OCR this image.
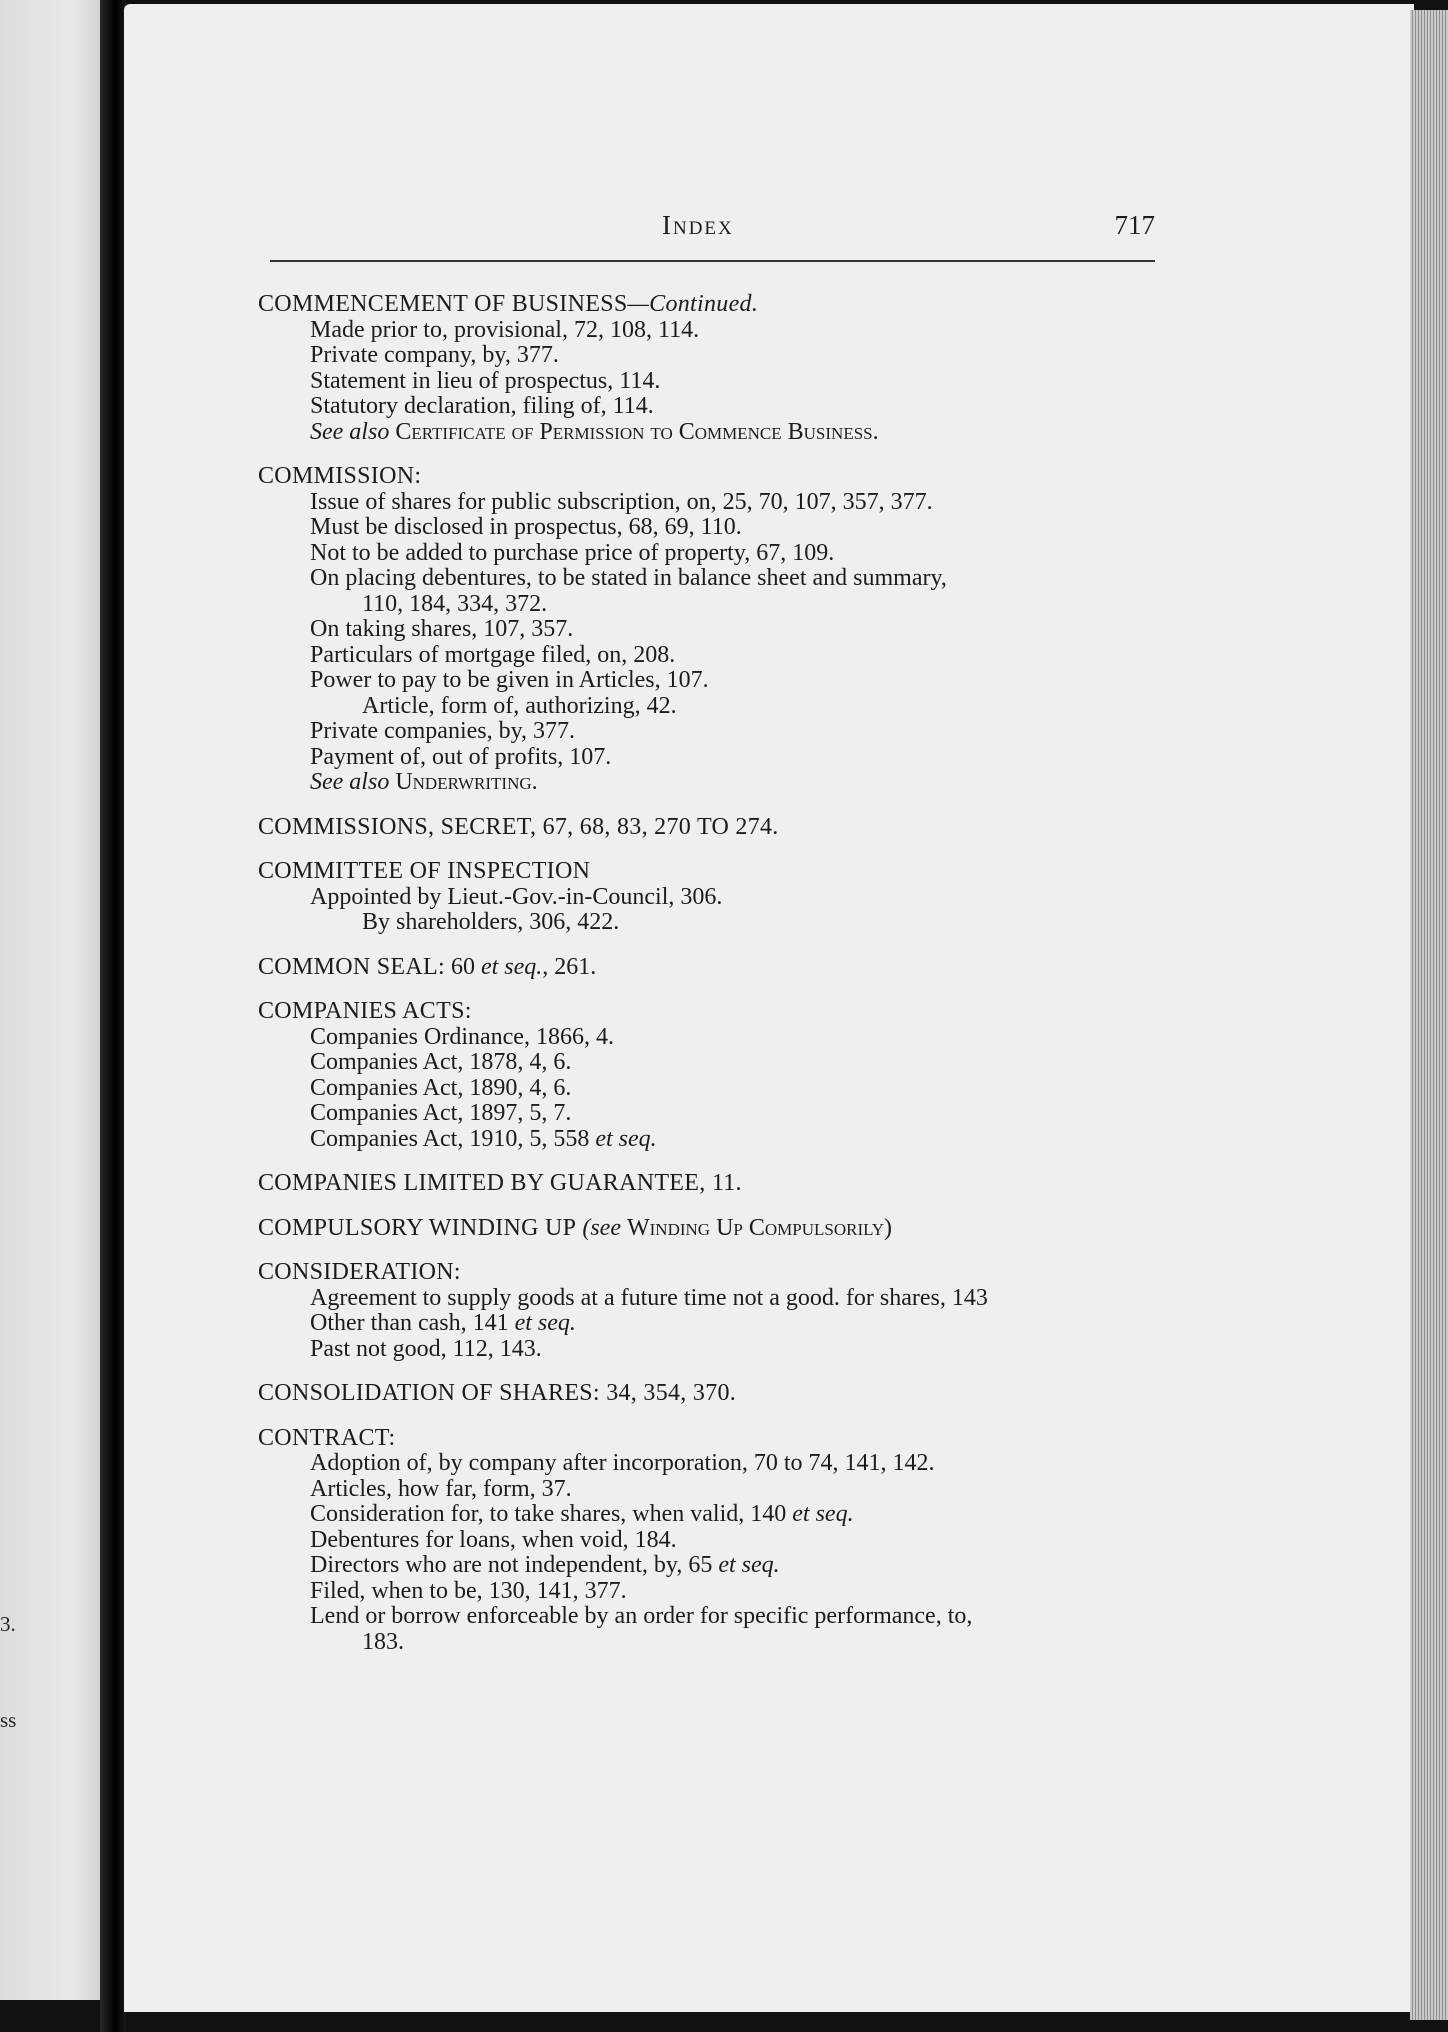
3.
ss
Index	717
COMMENCEMENT OF BUSINESS—Continued.
Made prior to, provisional, 72, 108, 114.
Private company, by, 377.
Statement in lieu of prospectus, 114.
Statutory declaration, filing of, 114.
See also Certificate of Permission to Commence Business.
COMMISSION:
Issue of shares for public subscription, on, 25, 70, 107, 357, 377.
Must be disclosed in prospectus, 68, 69, 110.
Not to be added to purchase price of property, 67, 109.
On placing debentures, to be stated in balance sheet and summary,
110, 184, 334, 372.
On taking shares, 107, 357.
Particulars of mortgage filed, on, 208.
Power to pay to be given in Articles, 107.
Article, form of, authorizing, 42.
Private companies, by, 377.
Payment of, out of profits, 107.
See also Underwriting.
COMMISSIONS, SECRET, 67, 68, 83, 270 TO 274.
COMMITTEE OF INSPECTION
Appointed by Lieut.-Gov.-in-Council, 306.
By shareholders, 306, 422.
COMMON SEAL: 60 et seq., 261.
COMPANIES ACTS:
Companies Ordinance, 1866, 4.
Companies Act, 1878, 4, 6.
Companies Act, 1890, 4, 6.
Companies Act, 1897, 5, 7.
Companies Act, 1910, 5, 558 et seq.
COMPANIES LIMITED BY GUARANTEE, 11.
COMPULSORY WINDING UP (see Winding Up Compulsorily)
CONSIDERATION:
Agreement to supply goods at a future time not a good. for shares, 143
Other than cash, 141 et seq.
Past not good, 112, 143.
CONSOLIDATION OF SHARES: 34, 354, 370.
CONTRACT:
Adoption of, by company after incorporation, 70 to 74, 141, 142.
Articles, how far, form, 37.
Consideration for, to take shares, when valid, 140 et seq.
Debentures for loans, when void, 184.
Directors who are not independent, by, 65 et seq.
Filed, when to be, 130, 141, 377.
Lend or borrow enforceable by an order for specific performance, to,
183.
